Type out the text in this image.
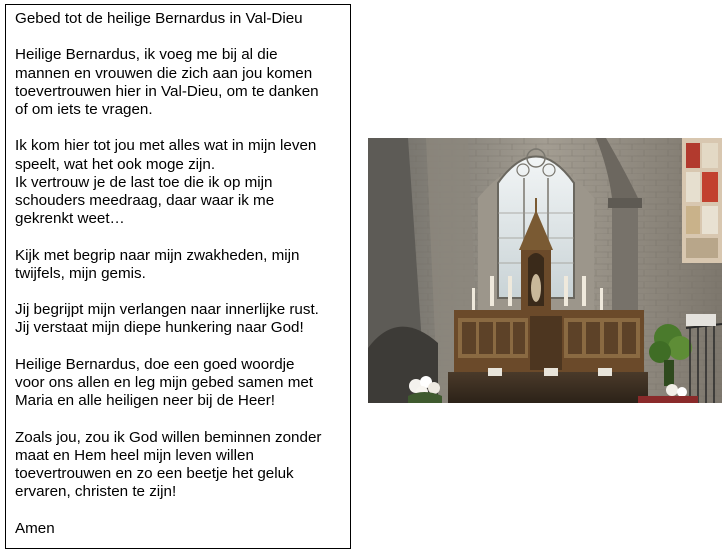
Gebed tot de heilige Bernardus in Val-Dieu

Heilige Bernardus, ik voeg me bij al die
mannen en vrouwen die zich aan jou komen
toevertrouwen hier in Val-Dieu, om te danken
of om iets te vragen.

Ik kom hier tot jou met alles wat in mijn leven
speelt, wat het ook moge zijn.
Ik vertrouw je de last toe die ik op mijn
schouders meedraag, daar waar ik me
gekrenkt weet…

Kijk met begrip naar mijn zwakheden, mijn
twijfels, mijn gemis.

Jij begrijpt mijn verlangen naar innerlijke rust.
Jij verstaat mijn diepe hunkering naar God!

Heilige Bernardus, doe een goed woordje
voor ons allen en leg mijn gebed samen met
Maria en alle heiligen neer bij de Heer!

Zoals jou, zou ik God willen beminnen zonder
maat en Hem heel mijn leven willen
toevertrouwen en zo een beetje het geluk
ervaren, christen te zijn!

Amen
